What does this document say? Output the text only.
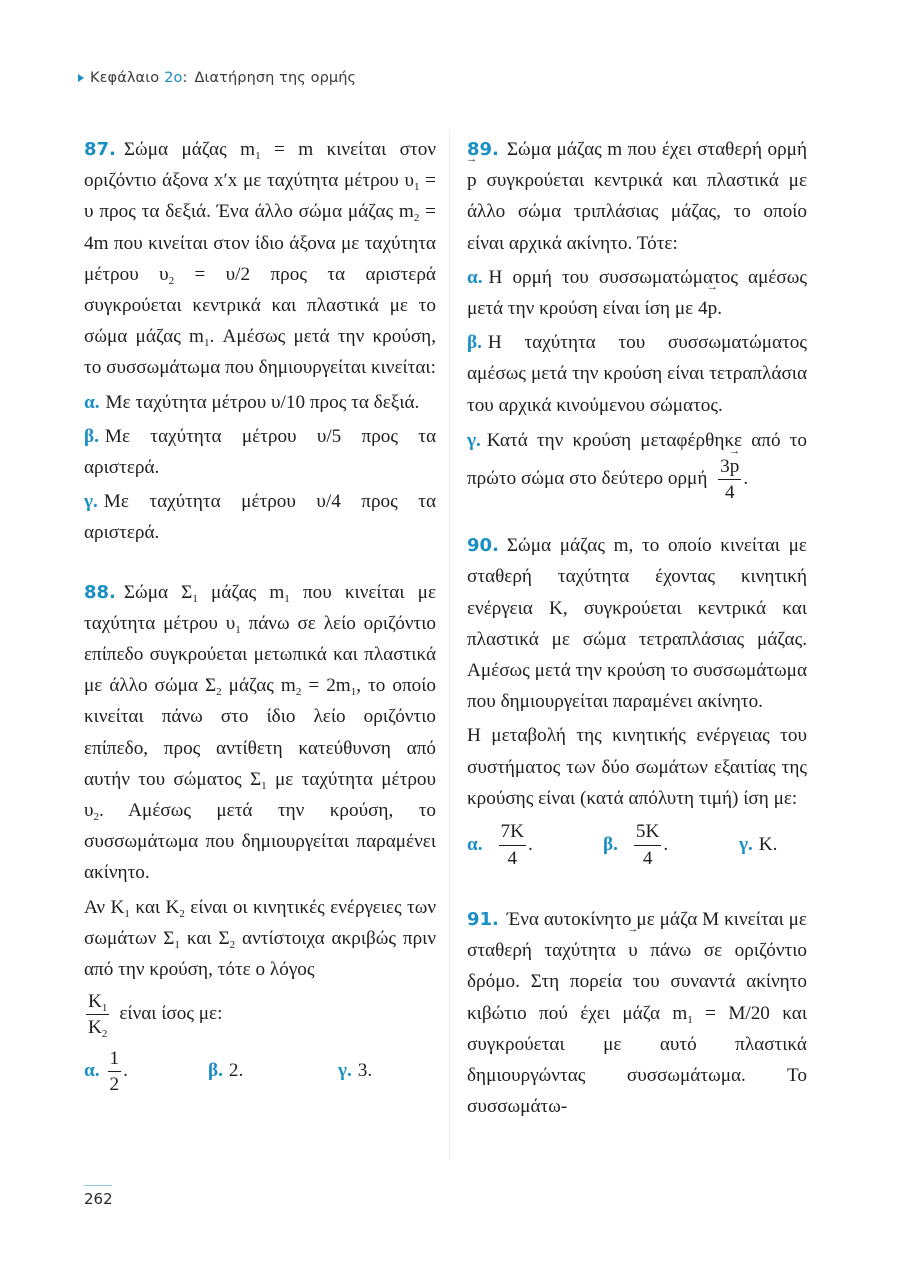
Κεφάλαιο 2ο : Διατήρηση της ορμής

87. Σώμα μάζας $m_1 = m$ κινείται στον οριζόντιο άξονα x′x με ταχύτητα μέτρου $\upsilon_1 = \upsilon$ προς τα δεξιά. Ένα άλλο σώμα μάζας $m_2 = 4m$ που κινείται στον ίδιο άξονα με ταχύτητα μέτρου $\upsilon_2 = \upsilon/2$ προς τα αριστερά συγκρούεται κεντρικά και πλαστικά με το σώμα μάζας $m_1$. Αμέσως μετά την κρούση, το συσσωμάτωμα που δημιουργείται κινείται:

α. Με ταχύτητα μέτρου υ/10 προς τα δεξιά.

β. Με ταχύτητα μέτρου υ/5 προς τα αριστερά.

γ. Με ταχύτητα μέτρου υ/4 προς τα αριστερά.

88. Σώμα $\Sigma_1$ μάζας $m_1$ που κινείται με ταχύτητα μέτρου $\upsilon_1$ πάνω σε λείο οριζόντιο επίπεδο συγκρούεται μετωπικά και πλαστικά με άλλο σώμα $\Sigma_2$ μάζας $m_2 = 2m_1$, το οποίο κινείται πάνω στο ίδιο λείο οριζόντιο επίπεδο, προς αντίθετη κατεύθυνση από αυτήν του σώματος $\Sigma_1$ με ταχύτητα μέτρου $\upsilon_2$. Αμέσως μετά την κρούση, το συσσωμάτωμα που δημιουργείται παραμένει ακίνητο.

Αν $K_1$ και $K_2$ είναι οι κινητικές ενέργειες των σωμάτων $\Sigma_1$ και $\Sigma_2$ αντίστοιχα ακριβώς πριν από την κρούση, τότε ο λόγος

$\frac{K_1}{K_2}$ είναι ίσος με:
α. $\frac{1}{2}$ .	β. 2.	γ. 3.

89. Σώμα μάζας m που έχει σταθερή ορμή → p συγκρούεται κεντρικά και πλαστικά με άλλο σώμα τριπλάσιας μάζας, το οποίο είναι αρχικά ακίνητο. Τότε:

α. Η ορμή του συσσωματώματος αμέσως μετά την κρούση είναι ίση με 4→ p.

β. Η ταχύτητα του συσσωματώματος αμέσως μετά την κρούση είναι τετραπλάσια του αρχικά κινούμενου σώματος.

γ. Κατά την κρούση μεταφέρθηκε από το πρώτο σώμα στο δεύτερο ορμή $\frac{3\to p}{4}$ .

90. Σώμα μάζας m, το οποίο κινείται με σταθερή ταχύτητα έχοντας κινητική ενέργεια K, συγκρούεται κεντρικά και πλαστικά με σώμα τετραπλάσιας μάζας. Αμέσως μετά την κρούση το συσσωμάτωμα που δημιουργείται παραμένει ακίνητο.

Η μεταβολή της κινητικής ενέργειας του συστήματος των δύο σωμάτων εξαιτίας της κρούσης είναι (κατά απόλυτη τιμή) ίση με:

α. $\frac{7K}{4}$ .	β. $\frac{5K}{4}$ .	γ. K.

91. Ένα αυτοκίνητο με μάζα M κινείται με σταθερή ταχύτητα → υ πάνω σε οριζόντιο δρόμο. Στη πορεία του συναντά ακίνητο κιβώτιο πού έχει μάζα $m_1 = M/20$ και συγκρούεται με αυτό πλαστικά δημιουργώντας συσσωμάτωμα. Το συσσωμάτω-

262
